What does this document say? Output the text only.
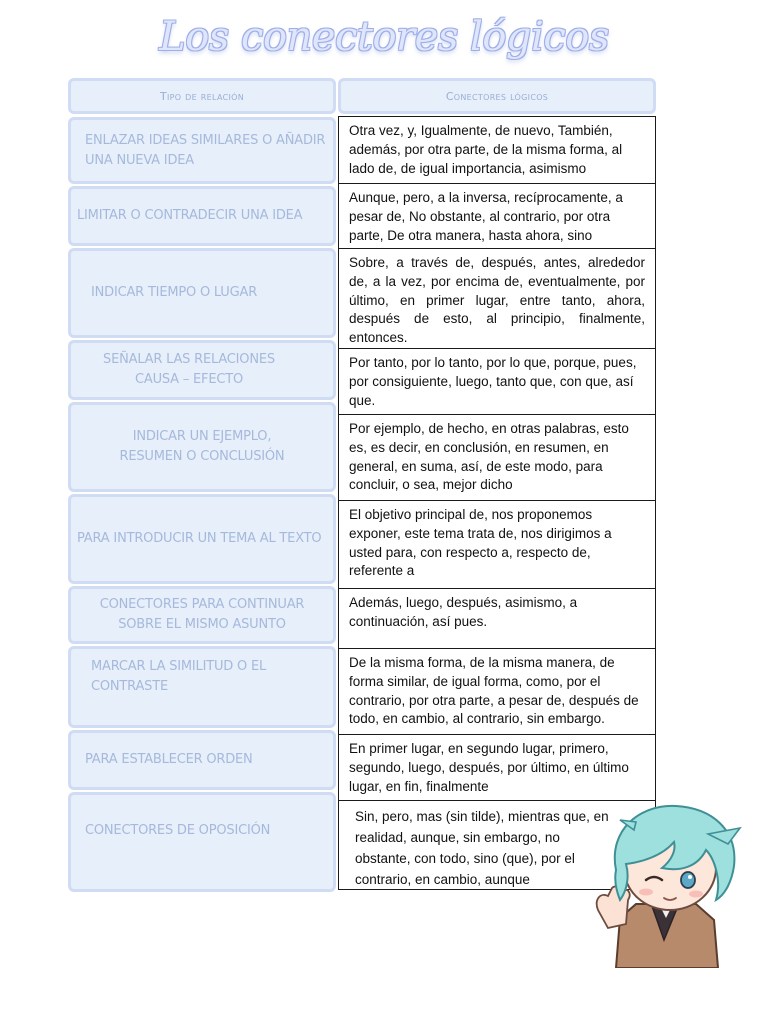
Los conectores lógicos
Tipo de relación	Conectores lógicos
ENLAZAR IDEAS SIMILARES O AÑADIR UNA NUEVA IDEA
Otra vez, y, Igualmente, de nuevo, También, además, por otra parte, de la misma forma, al lado de, de igual importancia, asimismo
LIMITAR O CONTRADECIR UNA IDEA
Aunque, pero, a la inversa, recíprocamente, a pesar de, No obstante, al contrario, por otra parte, De otra manera, hasta ahora, sino
INDICAR TIEMPO O LUGAR
Sobre, a través de, después, antes, alrededor de, a la vez, por encima de, eventualmente, por último, en primer lugar, entre tanto, ahora, después de esto, al principio, finalmente, entonces.
SEÑALAR LAS RELACIONES CAUSA – EFECTO
Por tanto, por lo tanto, por lo que, porque, pues, por consiguiente, luego, tanto que, con que, así que.
INDICAR UN EJEMPLO, RESUMEN O CONCLUSIÓN
Por ejemplo, de hecho, en otras palabras, esto es, es decir, en conclusión, en resumen, en general, en suma, así, de este modo, para concluir, o sea, mejor dicho
PARA INTRODUCIR UN TEMA AL TEXTO
El objetivo principal de, nos proponemos exponer, este tema trata de, nos dirigimos a usted para, con respecto a, respecto de, referente a
CONECTORES PARA CONTINUAR SOBRE EL MISMO ASUNTO
Además, luego, después, asimismo, a continuación, así pues.
MARCAR LA SIMILITUD O EL CONTRASTE
De la misma forma, de la misma manera, de forma similar, de igual forma, como, por el contrario, por otra parte, a pesar de, después de todo, en cambio, al contrario, sin embargo.
PARA ESTABLECER ORDEN
En primer lugar, en segundo lugar, primero, segundo, luego, después, por último, en último lugar, en fin, finalmente
CONECTORES DE OPOSICIÓN
Sin, pero, mas (sin tilde), mientras que, en realidad, aunque, sin embargo, no obstante, con todo, sino (que), por el contrario, en cambio, aunque
